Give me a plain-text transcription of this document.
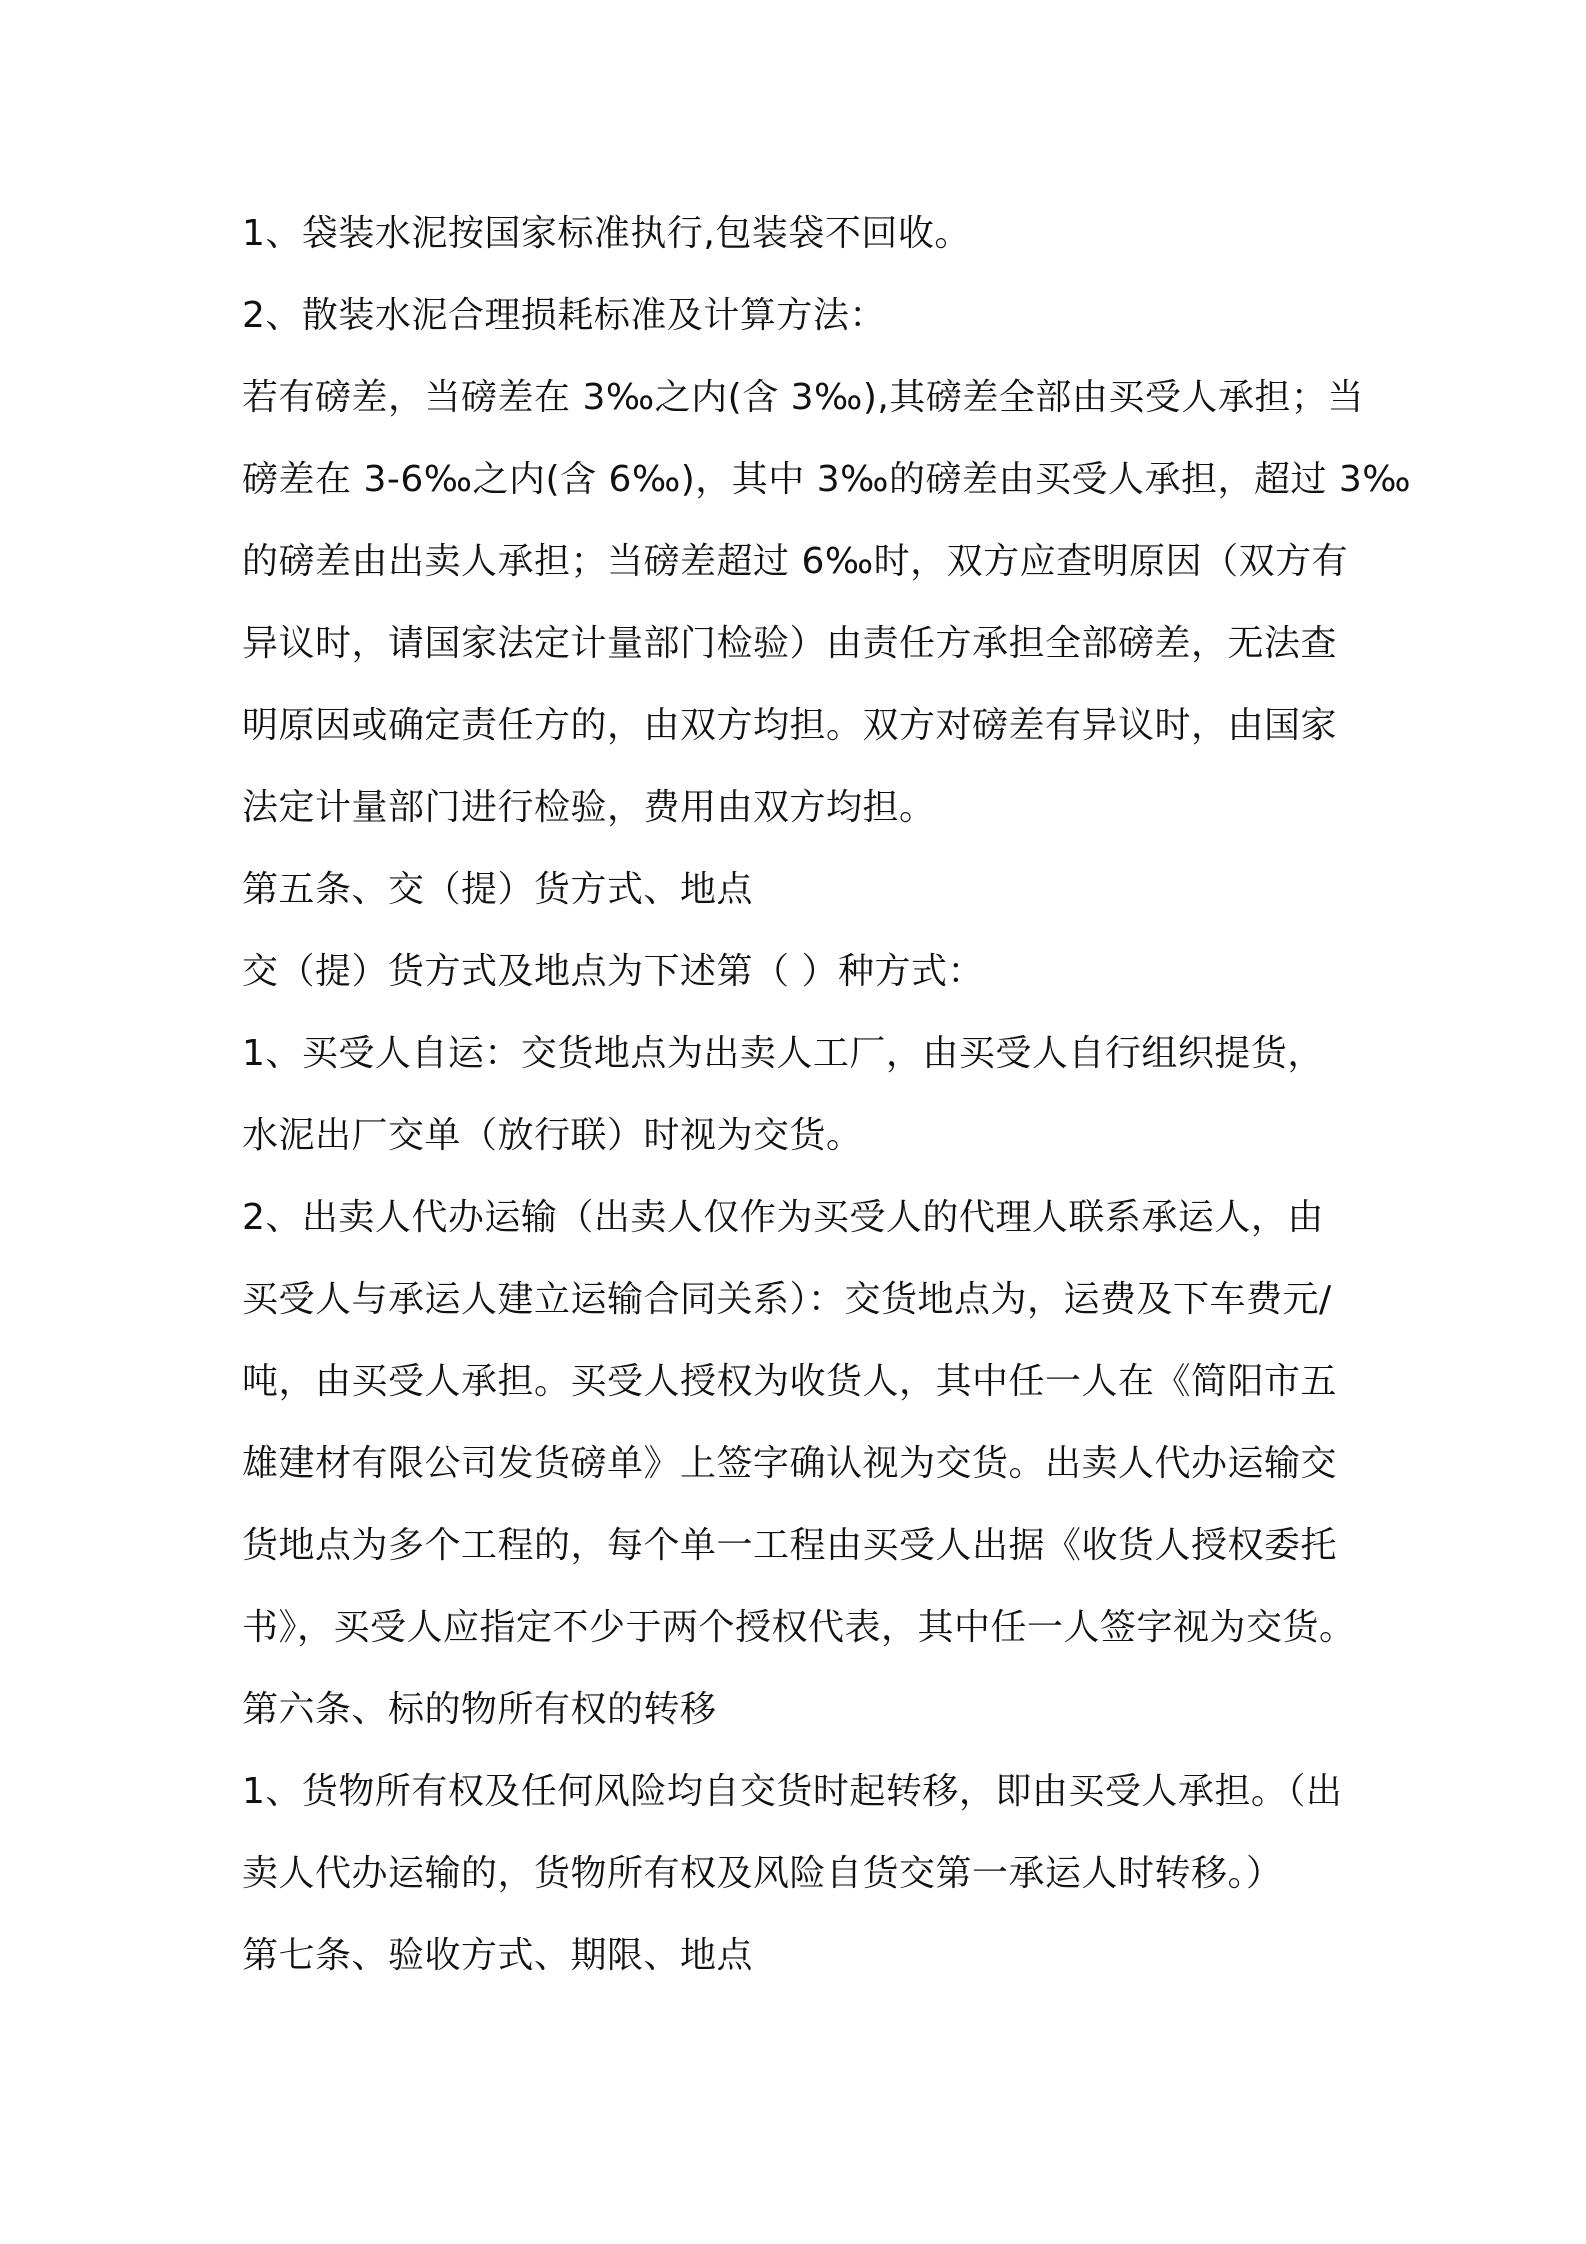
1、袋装水泥按国家标准执行,包装袋不回收。
2、散装水泥合理损耗标准及计算方法：
若有磅差，当磅差在 3‰之内(含 3‰),其磅差全部由买受人承担；当
磅差在 3-6‰之内(含 6‰)，其中 3‰的磅差由买受人承担，超过 3‰
的磅差由出卖人承担；当磅差超过 6‰时，双方应查明原因（双方有
异议时，请国家法定计量部门检验）由责任方承担全部磅差，无法查
明原因或确定责任方的，由双方均担。双方对磅差有异议时，由国家
法定计量部门进行检验，费用由双方均担。
第五条、交（提）货方式、地点
交（提）货方式及地点为下述第（ ）种方式：
1、买受人自运：交货地点为出卖人工厂，由买受人自行组织提货，
水泥出厂交单（放行联）时视为交货。
2、出卖人代办运输（出卖人仅作为买受人的代理人联系承运人，由
买受人与承运人建立运输合同关系）：交货地点为，运费及下车费元/
吨，由买受人承担。买受人授权为收货人，其中任一人在《简阳市五
雄建材有限公司发货磅单》上签字确认视为交货。出卖人代办运输交
货地点为多个工程的，每个单一工程由买受人出据《收货人授权委托
书》，买受人应指定不少于两个授权代表，其中任一人签字视为交货。
第六条、标的物所有权的转移
1、货物所有权及任何风险均自交货时起转移，即由买受人承担。（出
卖人代办运输的，货物所有权及风险自货交第一承运人时转移。）
第七条、验收方式、期限、地点
